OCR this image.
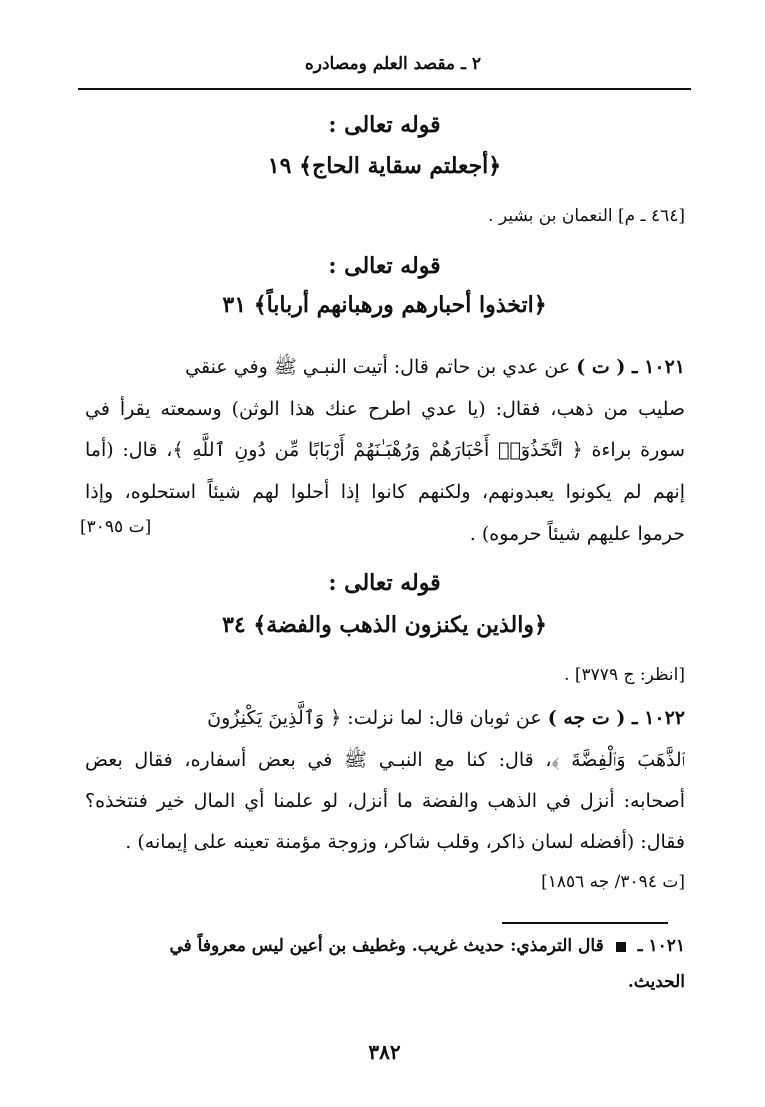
٢ ـ مقصد العلم ومصادره
قوله تعالى :
﴿أجعلتم سقاية الحاج﴾ ١٩
[٤٦٤ ـ م] النعمان بن بشير .
قوله تعالى :
﴿اتخذوا أحبارهم ورهبانهم أرباباً﴾ ٣١
١٠٢١ ـ ( ت ) عن عدي بن حاتم قال: أتيت النبـي ﷺ وفي عنقي
صليب من ذهب، فقال: (يا عدي اطرح عنك هذا الوثن) وسمعته يقرأ في
سورة براءة ﴿ اتَّخَذُوٓا۟ أَحْبَارَهُمْ وَرُهْبَـٰنَهُمْ أَرْبَابًا مِّن دُونِ ٱللَّهِ ﴾، قال: (أما
إنهم لم يكونوا يعبدونهم، ولكنهم كانوا إذا أحلوا لهم شيئاً استحلوه، وإذا
حرموا عليهم شيئاً حرموه) .
[ت ٣٠٩٥]
قوله تعالى :
﴿والذين يكنزون الذهب والفضة﴾ ٣٤
[انظر: ج ٣٧٧٩] .
١٠٢٢ ـ ( ت جه ) عن ثوبان قال: لما نزلت: ﴿ وَٱلَّذِينَ يَكْنِزُونَ
ٱلذَّهَبَ وَٱلْفِضَّةَ ﴾، قال: كنا مع النبـي ﷺ في بعض أسفاره، فقال بعض
أصحابه: أنزل في الذهب والفضة ما أنزل، لو علمنا أي المال خير فنتخذه؟
فقال: (أفضله لسان ذاكر، وقلب شاكر، وزوجة مؤمنة تعينه على إيمانه) .
[ت ٣٠٩٤/ جه ١٨٥٦]
١٠٢١ ـ  قال الترمذي: حديث غريب. وغطيف بن أعين ليس معروفاً في
الحديث.
٣٨٢
